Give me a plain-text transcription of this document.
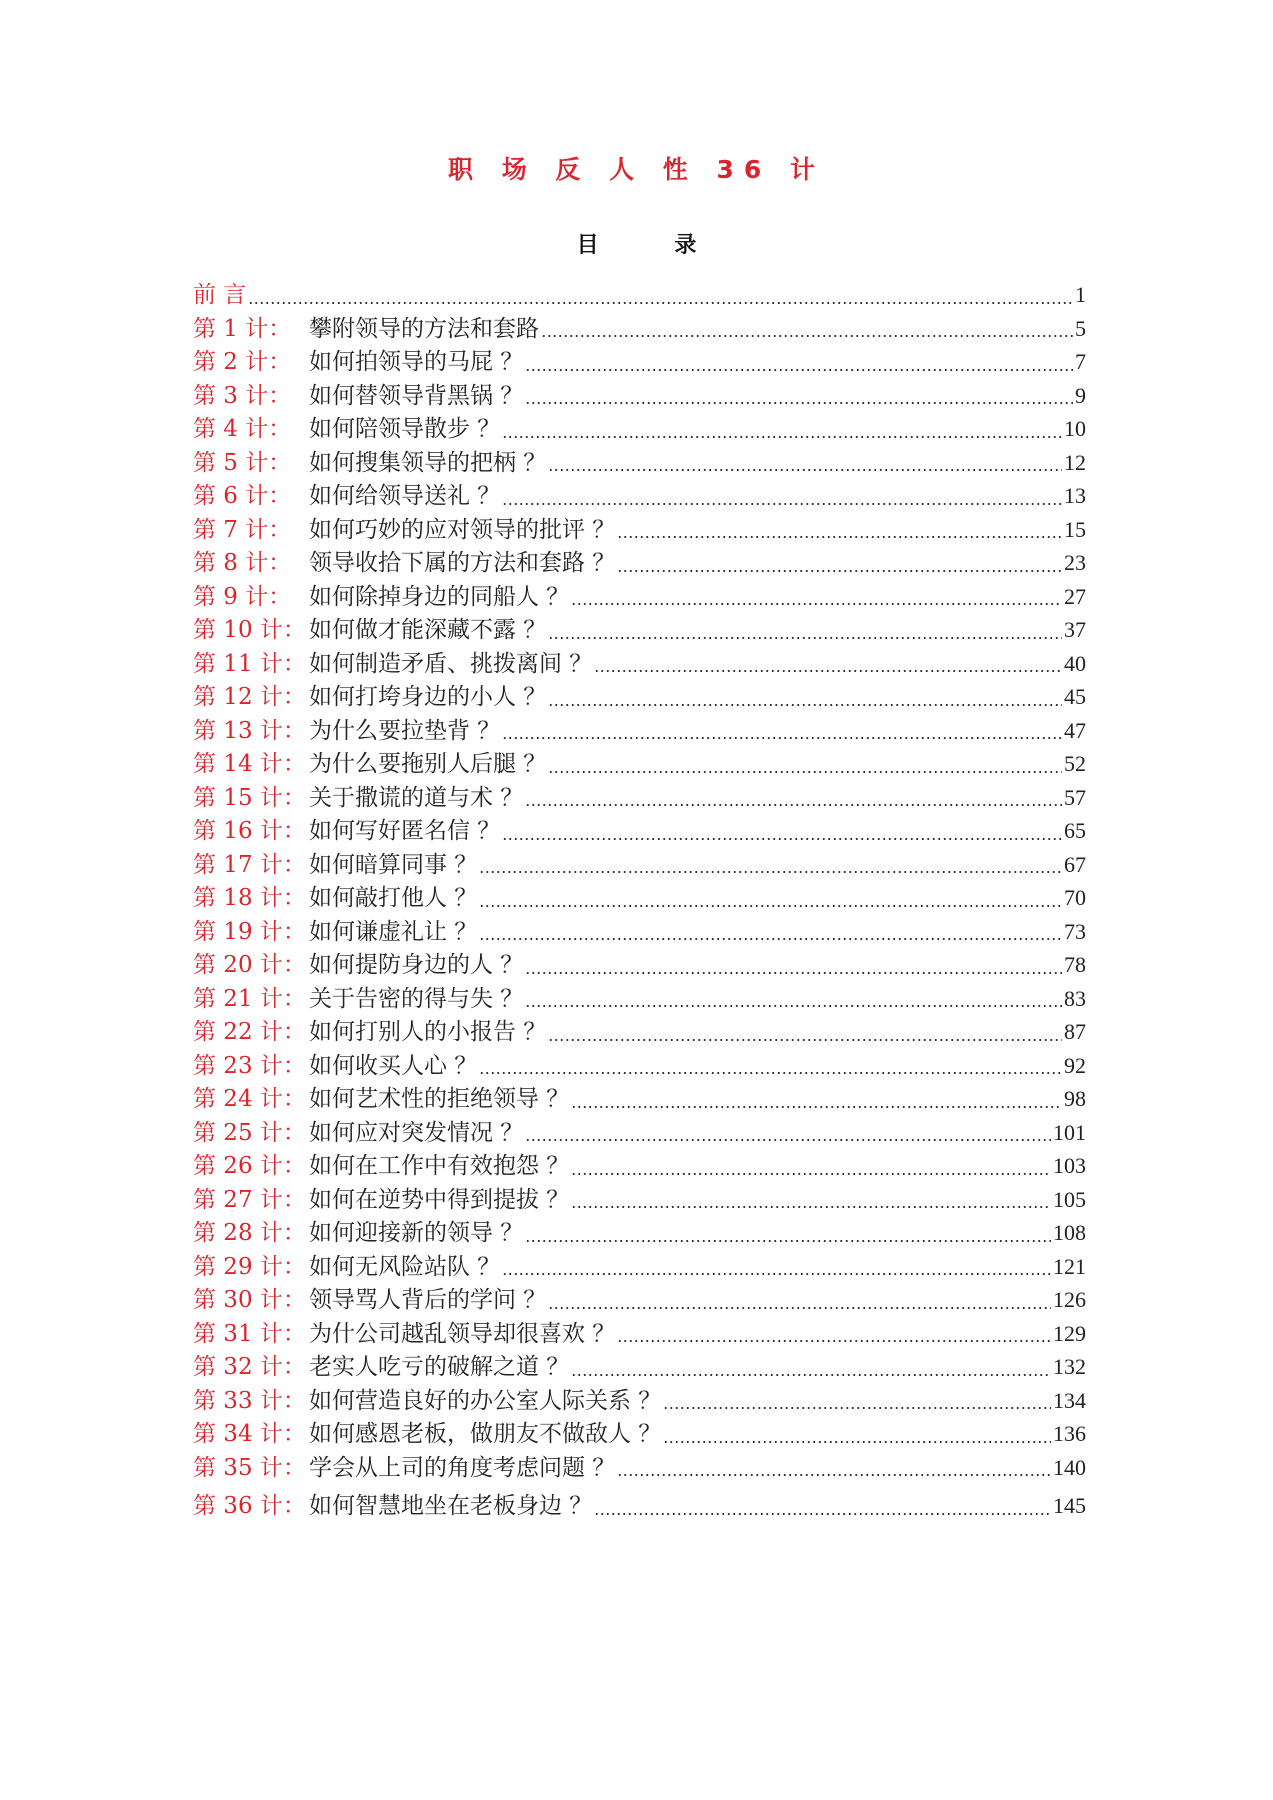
职 场 反 人 性 36 计
目 录
前 言	1
第 1 计： 攀附领导的方法和套路	5
第 2 计： 如何拍领导的马屁 ？	7
第 3 计： 如何替领导背黑锅 ？	9
第 4 计： 如何陪领导散步 ？	10
第 5 计： 如何搜集领导的把柄 ？	12
第 6 计： 如何给领导送礼 ？	13
第 7 计： 如何巧妙的应对领导的批评 ？	15
第 8 计： 领导收拾下属的方法和套路 ？	23
第 9 计： 如何除掉身边的同船人 ？	27
第 10 计： 如何做才能深藏不露 ？	37
第 11 计： 如何制造矛盾、挑拨离间 ？	40
第 12 计： 如何打垮身边的小人 ？	45
第 13 计： 为什么要拉垫背 ？	47
第 14 计： 为什么要拖别人后腿 ？	52
第 15 计： 关于撒谎的道与术 ？	57
第 16 计： 如何写好匿名信 ？	65
第 17 计： 如何暗算同事 ？	67
第 18 计： 如何敲打他人 ？	70
第 19 计： 如何谦虚礼让 ？	73
第 20 计： 如何提防身边的人 ？	78
第 21 计： 关于告密的得与失 ？	83
第 22 计： 如何打别人的小报告 ？	87
第 23 计： 如何收买人心 ？	92
第 24 计： 如何艺术性的拒绝领导 ？	98
第 25 计： 如何应对突发情况 ？	101
第 26 计： 如何在工作中有效抱怨 ？	103
第 27 计： 如何在逆势中得到提拔 ？	105
第 28 计： 如何迎接新的领导 ？	108
第 29 计： 如何无风险站队 ？	121
第 30 计： 领导骂人背后的学问 ？	126
第 31 计： 为什公司越乱领导却很喜欢 ？	129
第 32 计： 老实人吃亏的破解之道 ？	132
第 33 计： 如何营造良好的办公室人际关系 ？	134
第 34 计： 如何感恩老板，做朋友不做敌人 ？	136
第 35 计： 学会从上司的角度考虑问题 ？	140
第 36 计： 如何智慧地坐在老板身边 ？	145
